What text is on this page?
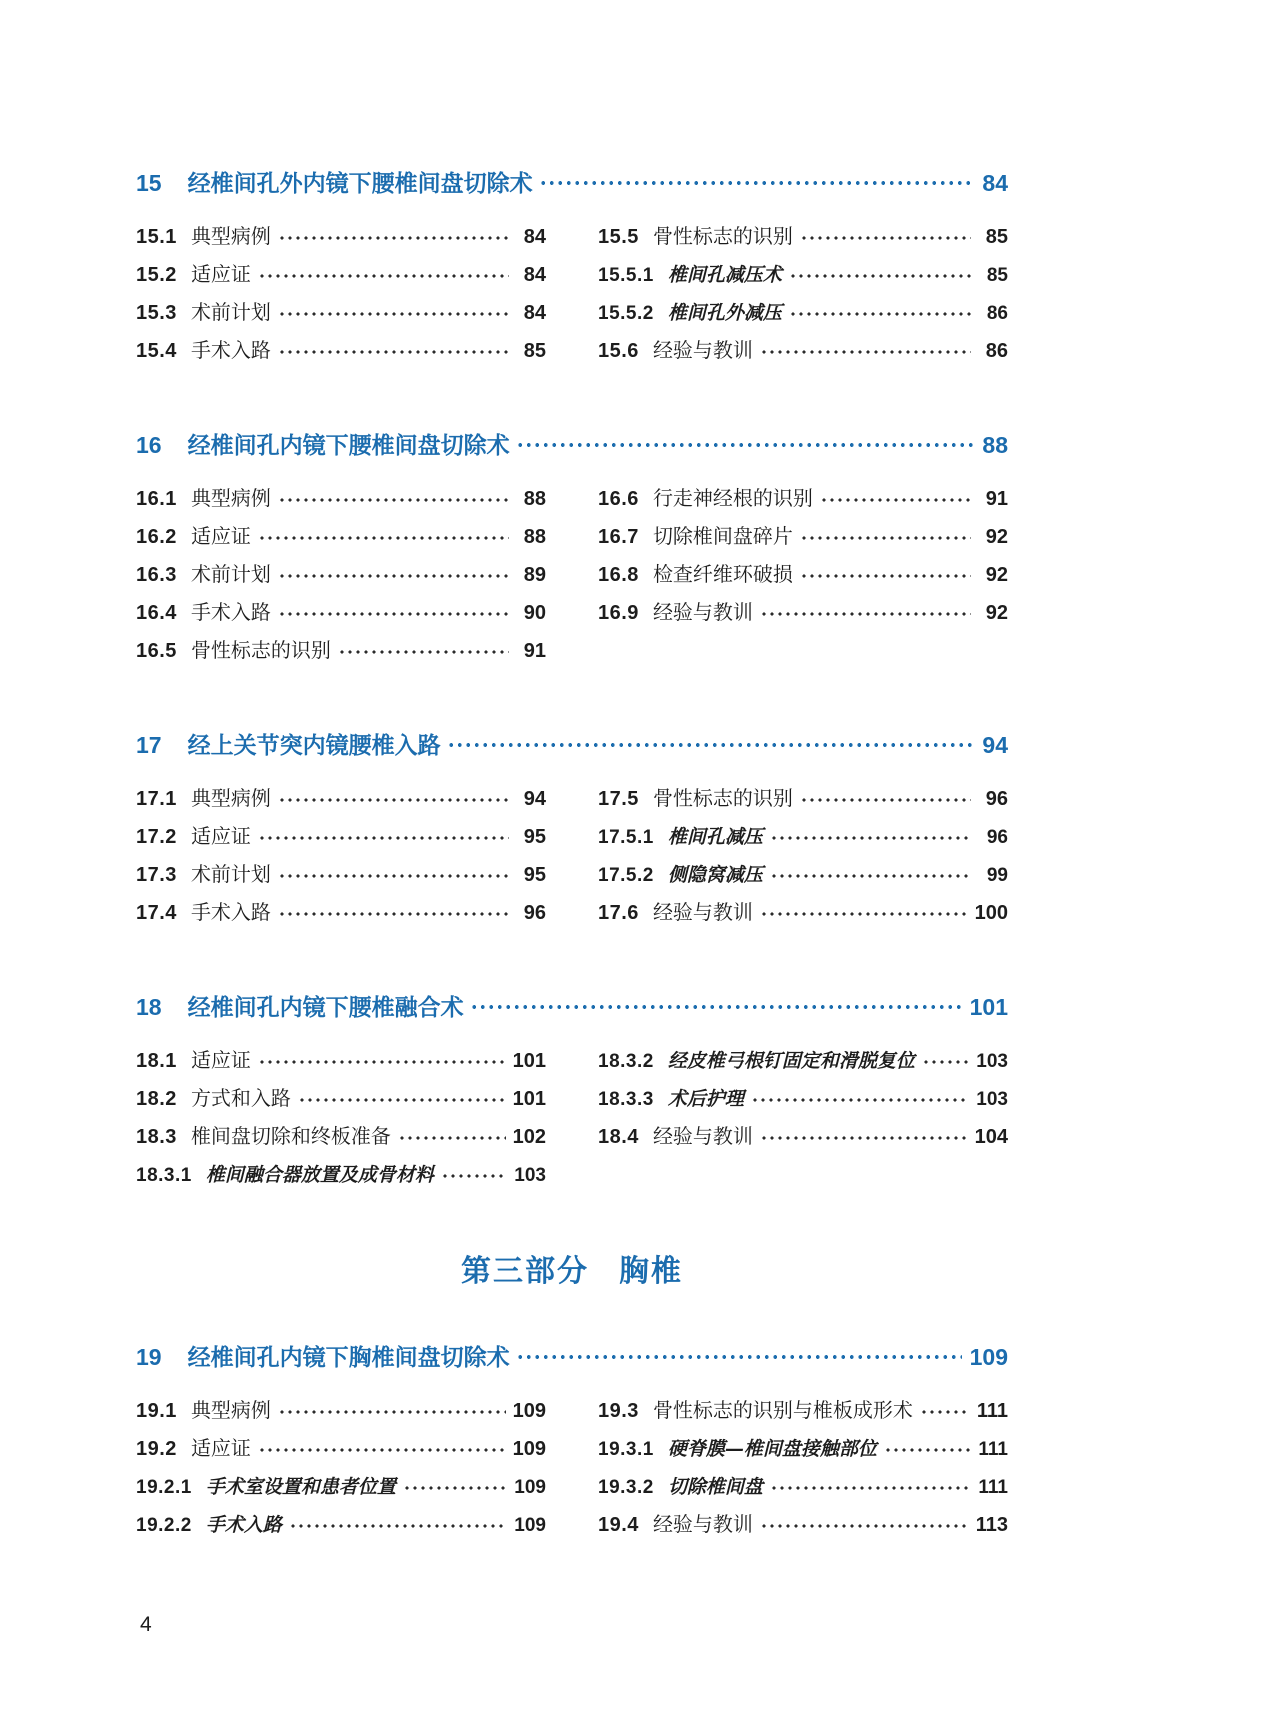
15 经椎间孔外内镜下腰椎间盘切除术	84
15.1 典型病例	84
15.2 适应证	84
15.3 术前计划	84
15.4 手术入路	85
15.5 骨性标志的识别	85
15.5.1 椎间孔减压术	85
15.5.2 椎间孔外减压	86
15.6 经验与教训	86
16 经椎间孔内镜下腰椎间盘切除术	88
16.1 典型病例	88
16.2 适应证	88
16.3 术前计划	89
16.4 手术入路	90
16.5 骨性标志的识别	91
16.6 行走神经根的识别	91
16.7 切除椎间盘碎片	92
16.8 检查纤维环破损	92
16.9 经验与教训	92
17 经上关节突内镜腰椎入路	94
17.1 典型病例	94
17.2 适应证	95
17.3 术前计划	95
17.4 手术入路	96
17.5 骨性标志的识别	96
17.5.1 椎间孔减压	96
17.5.2 侧隐窝减压	99
17.6 经验与教训	100
18 经椎间孔内镜下腰椎融合术	101
18.1 适应证	101
18.2 方式和入路	101
18.3 椎间盘切除和终板准备	102
18.3.1 椎间融合器放置及成骨材料	103
18.3.2 经皮椎弓根钉固定和滑脱复位	103
18.3.3 术后护理	103
18.4 经验与教训	104
第三部分 胸椎
19 经椎间孔内镜下胸椎间盘切除术	109
19.1 典型病例	109
19.2 适应证	109
19.2.1 手术室设置和患者位置	109
19.2.2 手术入路	109
19.3 骨性标志的识别与椎板成形术	111
19.3.1 硬脊膜—椎间盘接触部位	111
19.3.2 切除椎间盘	111
19.4 经验与教训	113
4
